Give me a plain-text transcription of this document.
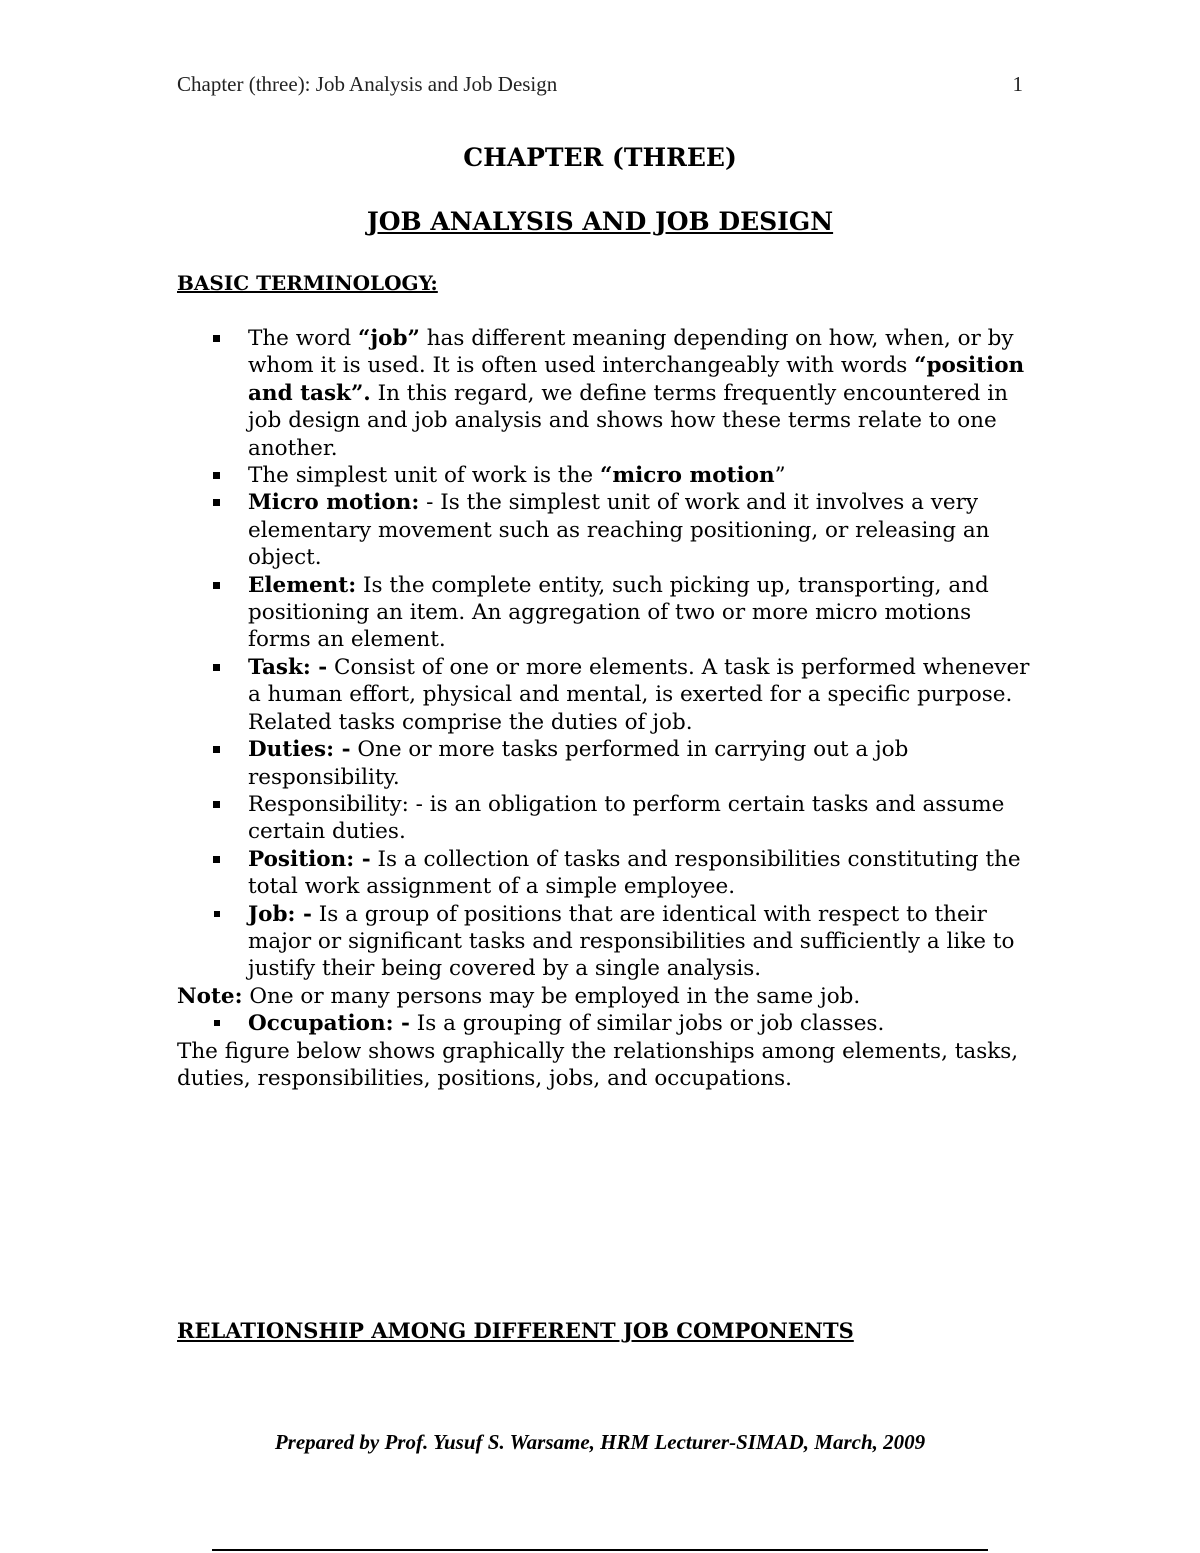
Chapter (three): Job Analysis and Job Design	1
CHAPTER (THREE)
JOB ANALYSIS AND JOB DESIGN
BASIC TERMINOLOGY:
The word “job” has different meaning depending on how, when, or by whom it is used. It is often used interchangeably with words “position and task”. In this regard, we define terms frequently encountered in job design and job analysis and shows how these terms relate to one another.
The simplest unit of work is the “micro motion”
Micro motion: - Is the simplest unit of work and it involves a very elementary movement such as reaching positioning, or releasing an object.
Element: Is the complete entity, such picking up, transporting, and positioning an item. An aggregation of two or more micro motions forms an element.
Task: - Consist of one or more elements. A task is performed whenever a human effort, physical and mental, is exerted for a specific purpose. Related tasks comprise the duties of job.
Duties: - One or more tasks performed in carrying out a job responsibility.
Responsibility: - is an obligation to perform certain tasks and assume certain duties.
Position: - Is a collection of tasks and responsibilities constituting the total work assignment of a simple employee.
Job: - Is a group of positions that are identical with respect to their major or significant tasks and responsibilities and sufficiently a like to justify their being covered by a single analysis.
Note: One or many persons may be employed in the same job.
Occupation: - Is a grouping of similar jobs or job classes.
The figure below shows graphically the relationships among elements, tasks, duties, responsibilities, positions, jobs, and occupations.
RELATIONSHIP AMONG DIFFERENT JOB COMPONENTS
Prepared by Prof. Yusuf S. Warsame, HRM Lecturer-SIMAD, March, 2009
